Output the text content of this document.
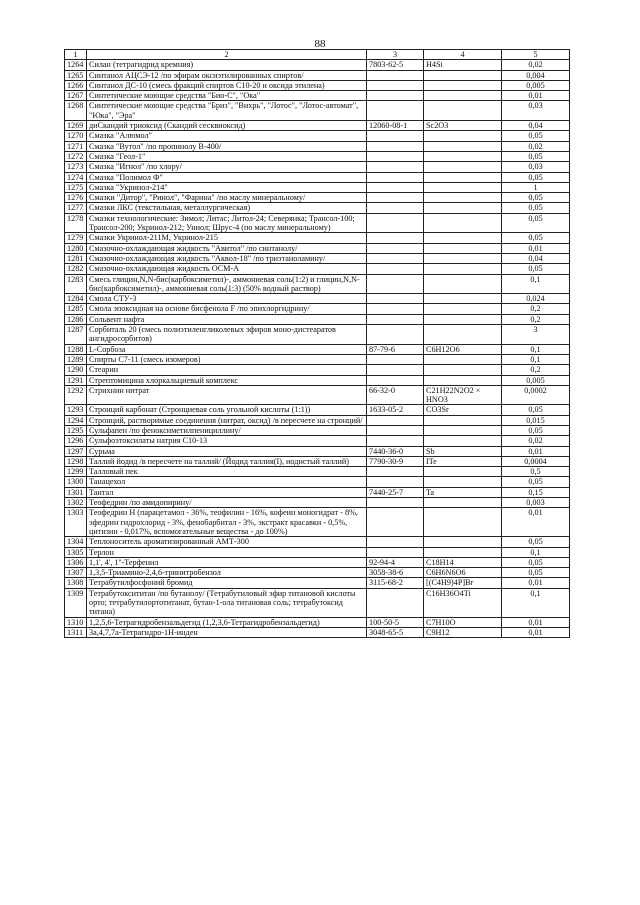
88
1	2	3	4	5
1264	Силан (тетрагидрид кремния)	7803-62-5	H4Si	0,02
1265	Синтанол АЦСЭ-12 /по эфирам оксиэтилированных спиртов/			0,004
1266	Синтанол ДС-10 (смесь фракций спиртов С10-20 и оксида этилена)			0,005
1267	Синтетические моющие средства "Био-С", "Ока"			0,01
1268	Синтетические моющие средства "Бриз", "Вихрь", "Лотос", "Лотос-автомат", "Юка", "Эра"			0,03
1269	диСкандий триоксид (Скандий сесквиоксид)	12060-08-1	Sc2O3	0,04
1270	Смазка "Алюмол"			0,05
1271	Смазка "Вутол" /по пропинолу В-400/			0,02
1272	Смазка "Геол-1"			0,05
1273	Смазка "Игнол" /по хлору/			0,03
1274	Смазка "Полимол Ф"			0,05
1275	Смазка "Укринол-214"			1
1276	Смазки "Дитор", "Ринол", "Фарина" /по маслу минеральному/			0,05
1277	Смазки ЛКС (текстильная, металлургическая)			0,05
1278	Смазки технологические: Зимол; Литас; Литол-24; Северянка; Трансол-100; Трансол-200; Укринол-212; Униол; Шрус-4 (по маслу минеральному)			0,05
1279	Смазки Укринол-211М, Укринол-215			0,05
1280	Смазочно-охлаждающая жидкость "Авитол" /по синтанолу/			0,01
1281	Смазочно-охлаждающая жидкость "Аквол-18" /по триэтаноламину/			0,04
1282	Смазочно-охлаждающая жидкость ОСМ-А			0,05
1283	Смесь глицин,N,N-бис(карбоксиметил)-, аммониевая соль(1:2) и глицин,N,N-бис(карбоксиметил)-, аммониевая соль(1:3) (50% водный раствор)			0,1
1284	Смола СТУ-3			0,024
1285	Смола эпоксидная на основе бисфенола F /по эпихлоргидрину/			0,2
1286	Сольвент нафта			0,2
1287	Сорбиталь 20 (смесь полиэтиленгликолевых эфиров моно-дистеаратов ангидросорбитов)			3
1288	L-Сорбоза	87-79-6	C6H12O6	0,1
1289	Спирты С7-11 (смесь изомеров)			0,1
1290	Стеарин			0,2
1291	Стрептомицина хлоркальциевый комплекс			0,005
1292	Стрихнин нитрат	66-32-0	C21H22N2O2 × HNO3	0,0002
1293	Стронций карбонат (Стронциевая соль угольной кислоты (1:1))	1633-05-2	CO3Sr	0,05
1294	Стронций, растворимые соединения (нитрат, оксид) /в пересчете на стронций/			0,015
1295	Сульфапен /по феноксиметилпенициллину/			0,05
1296	Сульфоэтоксилаты натрия С10-13			0,02
1297	Сурьма	7440-36-0	Sb	0,01
1298	Таллий йодид /в пересчете на таллий/ (Йодид таллия(I), иодистый таллий)	7790-30-9	ITe	0,0004
1299	Талловый пек			0,5
1300	Танацехол			0,05
1301	Тантал	7440-25-7	Ta	0,15
1302	Теофедрин /по амидопирину/			0,003
1303	Теофедрин Н (парацетамол - 36%, теофилин - 16%, кофеин моногидрат - 8%, эфедрин гидрохлорид - 3%, фенобарбитал - 3%, экстракт красавки - 0,5%, цитизин - 0,017%, вспомогательные вещества - до 100%)			0,01
1304	Теплоноситель ароматизированный АМТ-300			0,05
1305	Терлон			0,1
1306	1,1', 4', 1''-Терфенил	92-94-4	C18H14	0,05
1307	1,3,5-Триамино-2,4,6-тринитробензол	3058-38-6	C6H6N6O6	0,05
1308	Тетрабутилфосфоний бромид	3115-68-2	[(C4H9)4P]Br	0,01
1309	Тетрабутоксититан /по бутанолу/ (Тетрабутиловый эфир титановой кислоты орто; тетрабутилортотитанат, бутан-1-ола титановая соль; тетрабутоксид титана)		C16H36O4Ti	0,1
1310	1,2,5,6-Тетрагидробензальдегид (1,2,3,6-Тетрагидробензальдегид)	100-50-5	C7H10O	0,01
1311	3а,4,7,7а-Тетрагидро-1Н-инден	3048-65-5	C9H12	0,01
